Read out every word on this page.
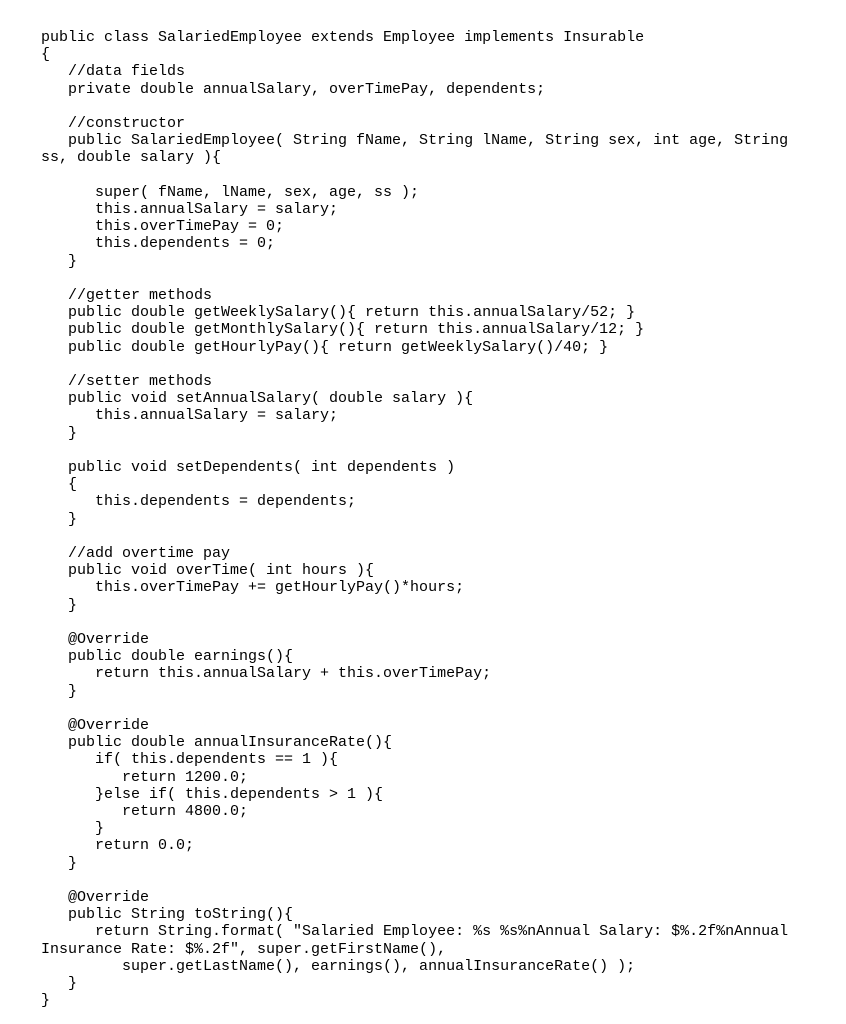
public class SalariedEmployee extends Employee implements Insurable
{
//data fields
private double annualSalary, overTimePay, dependents;
//constructor
public SalariedEmployee( String fName, String lName, String sex, int age, String
ss, double salary ){
super( fName, lName, sex, age, ss );
this.annualSalary = salary;
this.overTimePay = 0;
this.dependents = 0;
}
//getter methods
public double getWeeklySalary(){ return this.annualSalary/52; }
public double getMonthlySalary(){ return this.annualSalary/12; }
public double getHourlyPay(){ return getWeeklySalary()/40; }
//setter methods
public void setAnnualSalary( double salary ){
this.annualSalary = salary;
}
public void setDependents( int dependents )
{
this.dependents = dependents;
}
//add overtime pay
public void overTime( int hours ){
this.overTimePay += getHourlyPay()*hours;
}
@Override
public double earnings(){
return this.annualSalary + this.overTimePay;
}
@Override
public double annualInsuranceRate(){
if( this.dependents == 1 ){
return 1200.0;
}else if( this.dependents > 1 ){
return 4800.0;
}
return 0.0;
}
@Override
public String toString(){
return String.format( "Salaried Employee: %s %s%nAnnual Salary: $%.2f%nAnnual
Insurance Rate: $%.2f", super.getFirstName(),
super.getLastName(), earnings(), annualInsuranceRate() );
}
}
